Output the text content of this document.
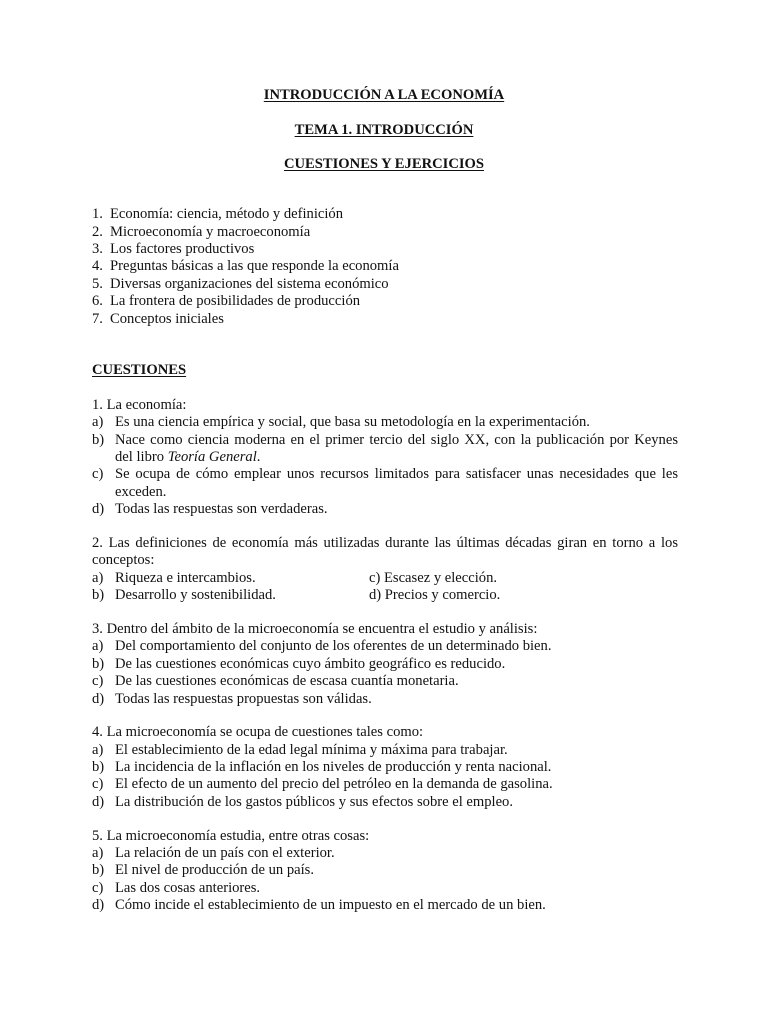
INTRODUCCIÓN A LA ECONOMÍA
TEMA 1. INTRODUCCIÓN
CUESTIONES Y EJERCICIOS
1. Economía: ciencia, método y definición
2. Microeconomía y macroeconomía
3. Los factores productivos
4. Preguntas básicas a las que responde la economía
5. Diversas organizaciones del sistema económico
6. La frontera de posibilidades de producción
7. Conceptos iniciales
CUESTIONES
1. La economía:
a) Es una ciencia empírica y social, que basa su metodología en la experimentación.
b) Nace como ciencia moderna en el primer tercio del siglo XX, con la publicación por Keynes
del libro Teoría General.
c) Se ocupa de cómo emplear unos recursos limitados para satisfacer unas necesidades que les
exceden.
d) Todas las respuestas son verdaderas.
2. Las definiciones de economía más utilizadas durante las últimas décadas giran en torno a los
conceptos:
a) Riqueza e intercambios.	c) Escasez y elección.
b) Desarrollo y sostenibilidad.	d) Precios y comercio.
3. Dentro del ámbito de la microeconomía se encuentra el estudio y análisis:
a) Del comportamiento del conjunto de los oferentes de un determinado bien.
b) De las cuestiones económicas cuyo ámbito geográfico es reducido.
c) De las cuestiones económicas de escasa cuantía monetaria.
d) Todas las respuestas propuestas son válidas.
4. La microeconomía se ocupa de cuestiones tales como:
a) El establecimiento de la edad legal mínima y máxima para trabajar.
b) La incidencia de la inflación en los niveles de producción y renta nacional.
c) El efecto de un aumento del precio del petróleo en la demanda de gasolina.
d) La distribución de los gastos públicos y sus efectos sobre el empleo.
5. La microeconomía estudia, entre otras cosas:
a) La relación de un país con el exterior.
b) El nivel de producción de un país.
c) Las dos cosas anteriores.
d) Cómo incide el establecimiento de un impuesto en el mercado de un bien.
